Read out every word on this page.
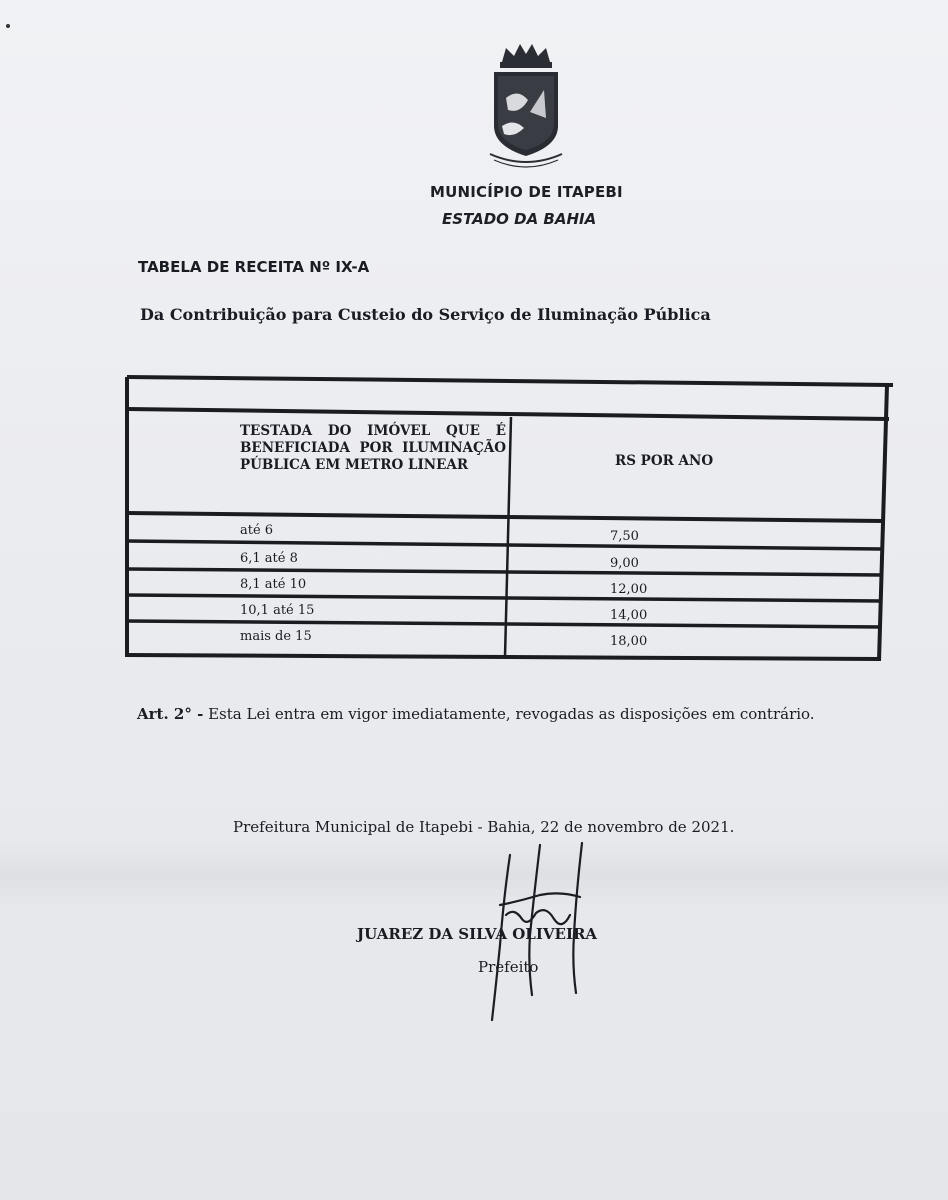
MUNICÍPIO DE ITAPEBI
ESTADO DA BAHIA
TABELA DE RECEITA Nº IX-A
Da Contribuição para Custeio do Serviço de Iluminação Pública
TESTADA DO IMÓVEL QUE É BENEFICIADA POR ILUMINAÇÃO PÚBLICA EM METRO LINEAR	RS POR ANO
até 6	7,50
6,1 até 8	9,00
8,1 até 10	12,00
10,1 até 15	14,00
mais de 15	18,00
Art. 2° - Esta Lei entra em vigor imediatamente, revogadas as disposições em contrário.
Prefeitura Municipal de Itapebi - Bahia, 22 de novembro de 2021.
JUAREZ DA SILVA OLIVEIRA
Prefeito
